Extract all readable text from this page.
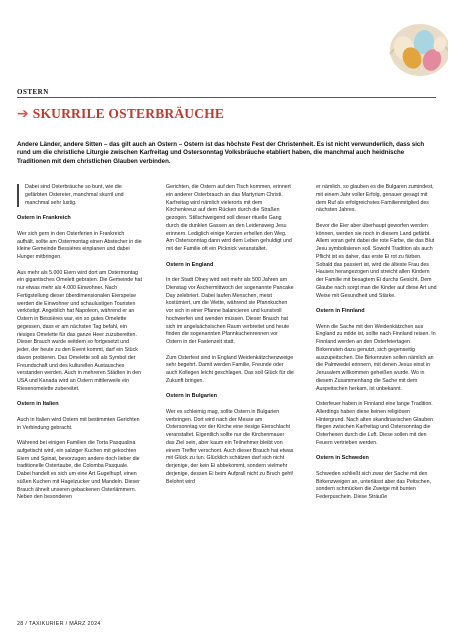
OSTERN
➔ SKURRILE OSTERBRÄUCHE
Andere Länder, andere Sitten – das gilt auch an Ostern – Ostern ist das höchste Fest der Christenheit. Es ist nicht verwunderlich, dass sich rund um die christliche Liturgie zwischen Karfreitag und Ostersonntag Volksbräuche etabliert haben, die manchmal auch heidnische Traditionen mit dem christlichen Glauben verbinden.
Dabei sind Osterbräuche so bunt, wie die gefärbten Ostereier, manchmal skurril und manchmal sehr lustig.
Ostern in Frankreich

Wer sich gern in den Osterferien in Frankreich aufhält, sollte am Ostermontag einen Abstecher in die kleine Gemeinde Bessières einplanen und dabei Hunger mitbringen.

Aus mehr als 5.000 Eiern wird dort am Ostermontag ein gigantisches Omelett gebraten. Die Gemeinde hat nur etwas mehr als 4.000 Einwohner. Nach Fertigstellung dieser überdimensionalen Eierspeise werden die Einwohner und schaulustigen Touristen verköstigt. Angeblich hat Napoleon, während er an Ostern in Bessières war, ein so gutes Omelette gegessen, dass er am nächsten Tag befahl, ein riesiges Omelette für das ganze Heer zuzubereiten. Dieser Brauch wurde seitdem so fortgesetzt und jeder, der heute zu den Event kommt, darf ein Stück davon probieren. Das Omelette soll als Symbol der Freundschaft und des kulturellen Austausches verstanden werden. Auch in mehreren Städten in den USA und Kanada wird an Ostern mittlerweile ein Riesenomelette zubereitet.

Ostern in Italien

Auch in Italien wird Ostern mit bestimmten Gerichten in Verbindung gebracht.

Während bei einigen Familien die Torta Pasqualina aufgetischt wird, ein salziger Kuchen mit gekochten Eiern und Spinat, bevorzugen andere doch lieber die traditionelle Ostertaube, die Colomba Pasquale. Dabei handelt es sich um eine Art Gugelhupf, einen süßen Kuchen mit Hagelzucker und Mandeln. Dieser Brauch ähnelt unseren gebackenen Osterlämmern. Neben den besonderen

Gerichten, die Ostern auf den Tisch kommen, erinnert ein anderer Osterbrauch an das Martyrium Christi. Karfreitag wird nämlich vielerorts mit dem Kirchenkreuz auf dem Rücken durch die Straßen gezogen. Stillschweigend soll dieser rituelle Gang durch die dunklen Gassen an den Leidensweg Jesu erinnern. Lediglich einige Kerzen erhellen den Weg. Am Ostersonntag dann wird dem Leben gehuldigt und mit der Familie oft ein Picknick veranstaltet.

Ostern in England

In der Stadt Olney wird seit mehr als 500 Jahren am Dienstag vor Aschermittwoch der sogenannte Pancake Day zelebriert. Dabei laufen Menschen, meist kostümiert, um die Wette, während sie Pfannkuchen vor sich in einer Pfanne balancieren und kunstvoll hochwerfen und wenden müssen. Dieser Brauch hat sich im angelsächsischen Raum verbreitet und heute finden die sogenannten Pfannkuchenrennen vor Ostern in der Fastenzeit statt.

Zum Osterfest sind in England Weidenkätzchenzweige sehr begehrt. Damit werden Familie, Freunde oder auch Kollegen leicht geschlagen. Das soll Glück für die Zukunft bringen.

Ostern in Bulgarien

Wer es schleimig mag, sollte Ostern in Bulgarien verbringen. Dort wird nach der Messe am Ostersonntag vor der Kirche eine riesige Eierschlacht veranstaltet. Eigentlich sollte nur die Kirchenmauer das Ziel sein, aber kaum ein Teilnehmer bleibt von einem Treffer verschont. Auch dieser Brauch hat etwas mit Glück zu tun. Glücklich schätzen darf sich nicht derjenige, der kein Ei abbekommt, sondern vielmehr derjenige, dessen Ei beim Aufprall nicht zu Bruch geht! Belohnt wird

er nämlich, so glauben es die Bulgaren zumindest, mit einem Jahr voller Erfolg, genauer gesagt mit dem Ruf als erfolgreichstes Familienmitglied des nächsten Jahres.

Bevor die Eier aber überhaupt geworfen werden können, werden sie noch in diesem Land gefärbt. Allem voran geht dabei die rote Farbe, die das Blut Jesu symbolisieren soll. Sowohl Tradition als auch Pflicht ist es daher, das erste Ei rot zu färben. Sobald das passiert ist, wird die älteste Frau des Hauses herangezogen und streicht allen Kindern der Familie mit besagtem Ei durchs Gesicht. Dem Glaube nach sorgt man die Kinder auf diese Art und Weise mit Gesundheit und Stärke.

Ostern in Finnland

Wenn die Sache mit den Weidenkätzchen aus England zu milde ist, sollte nach Finnland reisen. In Finnland werden an den Osterfeiertagen Birkenruten dazu genutzt, sich gegenseitig auszupeitschen. Die Birkenruten sollen nämlich an die Palmwedel erinnern, mit denen Jesus einst in Jerusalem willkommen geheißen wurde. Wo in diesem Zusammenhang die Sache mit dem Auspeitschen herkam, ist unbekannt.

Osterfeuer haben in Finnland eine lange Tradition. Allerdings haben diese keinen religiösen Hintergrund. Nach alten skandinavischen Glauben fliegen zwischen Karfreitag und Ostersonntag die Osterhexen durch die Luft. Diese sollen mit den Feuern vertrieben werden.

Ostern in Schweden

Schweden schließt sich zwar der Sache mit den Birkenzweigen an, unterlässt aber das Peitschen, sondern schmücken die Zweige mit bunten Federpuschein. Diese Sträuße

28 / TAXIKURIER / MÄRZ 2024
